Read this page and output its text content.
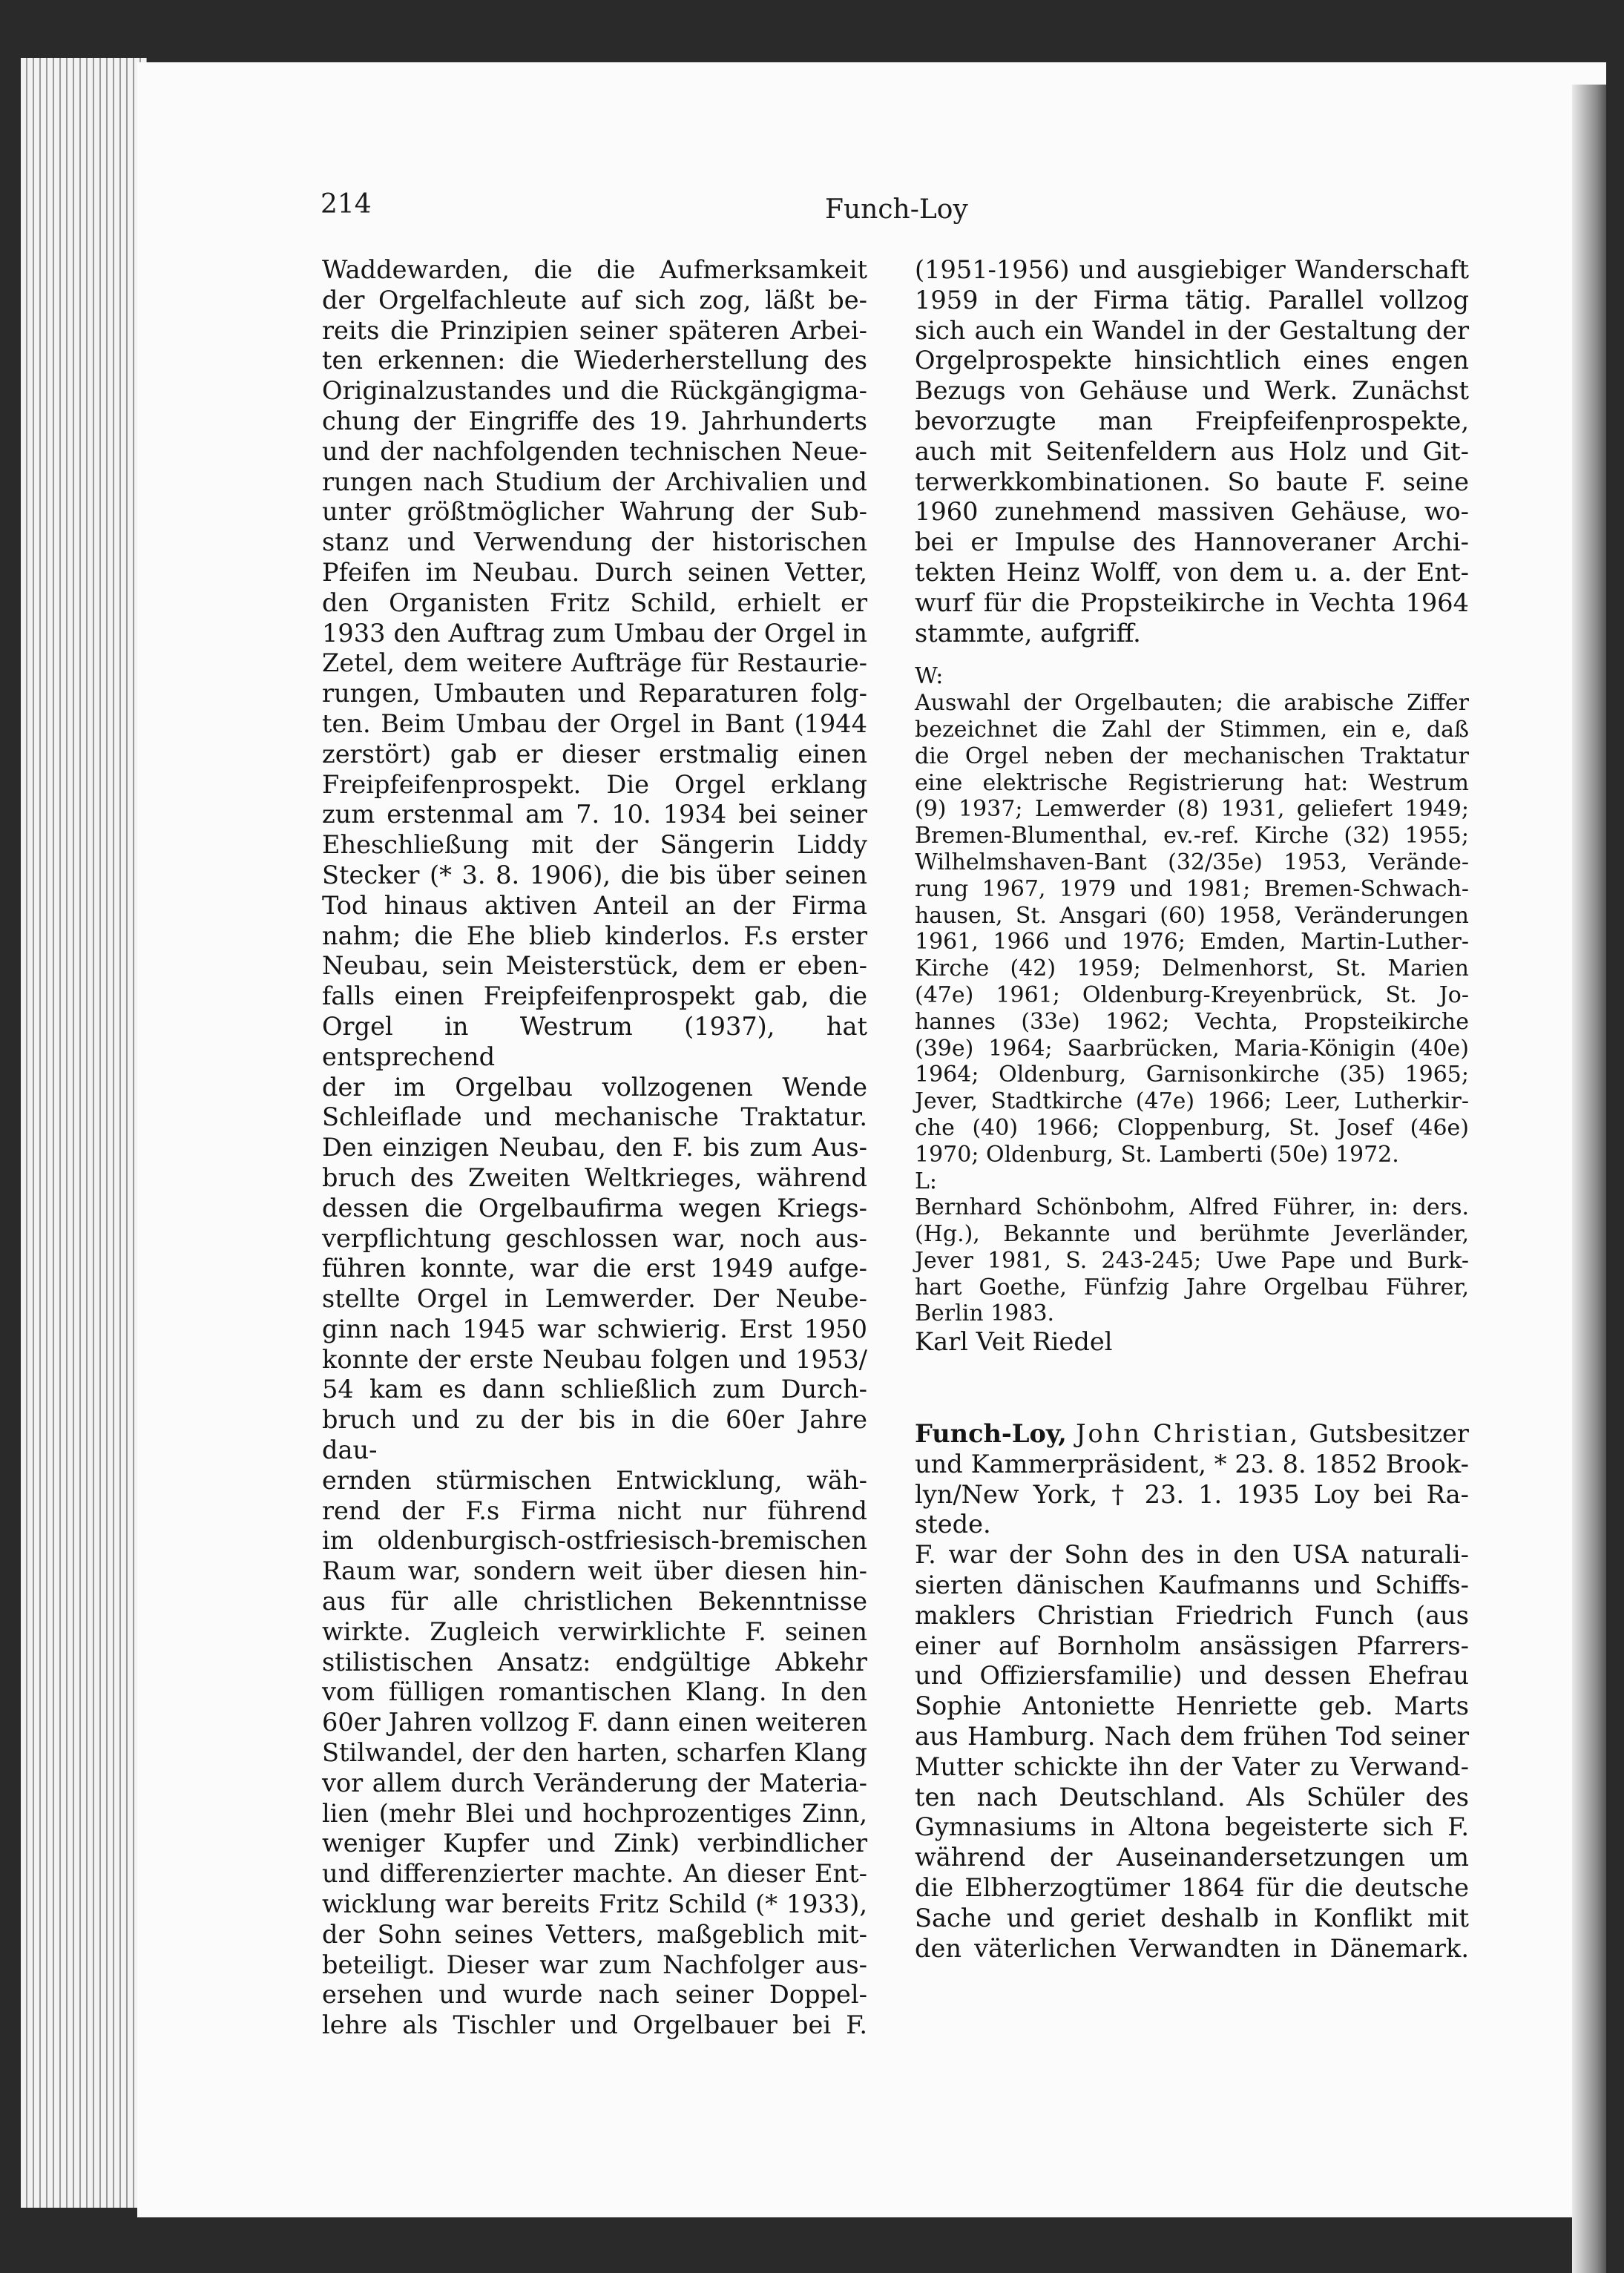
214	Funch-Loy

Waddewarden, die die Aufmerksamkeit

der Orgelfachleute auf sich zog, läßt be-

reits die Prinzipien seiner späteren Arbei-

ten erkennen: die Wiederherstellung des

Originalzustandes und die Rückgängigma-

chung der Eingriffe des 19. Jahrhunderts

und der nachfolgenden technischen Neue-

rungen nach Studium der Archivalien und

unter größtmöglicher Wahrung der Sub-

stanz und Verwendung der historischen

Pfeifen im Neubau. Durch seinen Vetter,

den Organisten Fritz Schild, erhielt er

1933 den Auftrag zum Umbau der Orgel in

Zetel, dem weitere Aufträge für Restaurie-

rungen, Umbauten und Reparaturen folg-

ten. Beim Umbau der Orgel in Bant (1944

zerstört) gab er dieser erstmalig einen

Freipfeifenprospekt. Die Orgel erklang

zum erstenmal am 7. 10. 1934 bei seiner

Eheschließung mit der Sängerin Liddy

Stecker (* 3. 8. 1906), die bis über seinen

Tod hinaus aktiven Anteil an der Firma

nahm; die Ehe blieb kinderlos. F.s erster

Neubau, sein Meisterstück, dem er eben-

falls einen Freipfeifenprospekt gab, die

Orgel in Westrum (1937), hat entsprechend

der im Orgelbau vollzogenen Wende

Schleiflade und mechanische Traktatur.

Den einzigen Neubau, den F. bis zum Aus-

bruch des Zweiten Weltkrieges, während

dessen die Orgelbaufirma wegen Kriegs-

verpflichtung geschlossen war, noch aus-

führen konnte, war die erst 1949 aufge-

stellte Orgel in Lemwerder. Der Neube-

ginn nach 1945 war schwierig. Erst 1950

konnte der erste Neubau folgen und 1953/

54 kam es dann schließlich zum Durch-

bruch und zu der bis in die 60er Jahre dau-

ernden stürmischen Entwicklung, wäh-

rend der F.s Firma nicht nur führend

im oldenburgisch-ostfriesisch-bremischen

Raum war, sondern weit über diesen hin-

aus für alle christlichen Bekenntnisse

wirkte. Zugleich verwirklichte F. seinen

stilistischen Ansatz: endgültige Abkehr

vom fülligen romantischen Klang. In den

60er Jahren vollzog F. dann einen weiteren

Stilwandel, der den harten, scharfen Klang

vor allem durch Veränderung der Materia-

lien (mehr Blei und hochprozentiges Zinn,

weniger Kupfer und Zink) verbindlicher

und differenzierter machte. An dieser Ent-

wicklung war bereits Fritz Schild (* 1933),

der Sohn seines Vetters, maßgeblich mit-

beteiligt. Dieser war zum Nachfolger aus-

ersehen und wurde nach seiner Doppel-

lehre als Tischler und Orgelbauer bei F.

(1951-1956) und ausgiebiger Wanderschaft

1959 in der Firma tätig. Parallel vollzog

sich auch ein Wandel in der Gestaltung der

Orgelprospekte hinsichtlich eines engen

Bezugs von Gehäuse und Werk. Zunächst

bevorzugte man Freipfeifenprospekte,

auch mit Seitenfeldern aus Holz und Git-

terwerkkombinationen. So baute F. seine

1960 zunehmend massiven Gehäuse, wo-

bei er Impulse des Hannoveraner Archi-

tekten Heinz Wolff, von dem u. a. der Ent-

wurf für die Propsteikirche in Vechta 1964

stammte, aufgriff.

W:

Auswahl der Orgelbauten; die arabische Ziffer

bezeichnet die Zahl der Stimmen, ein e, daß

die Orgel neben der mechanischen Traktatur

eine elektrische Registrierung hat: Westrum

(9) 1937; Lemwerder (8) 1931, geliefert 1949;

Bremen-Blumenthal, ev.-ref. Kirche (32) 1955;

Wilhelmshaven-Bant (32/35e) 1953, Verände-

rung 1967, 1979 und 1981; Bremen-Schwach-

hausen, St. Ansgari (60) 1958, Veränderungen

1961, 1966 und 1976; Emden, Martin-Luther-

Kirche (42) 1959; Delmenhorst, St. Marien

(47e) 1961; Oldenburg-Kreyenbrück, St. Jo-

hannes (33e) 1962; Vechta, Propsteikirche

(39e) 1964; Saarbrücken, Maria-Königin (40e)

1964; Oldenburg, Garnisonkirche (35) 1965;

Jever, Stadtkirche (47e) 1966; Leer, Lutherkir-

che (40) 1966; Cloppenburg, St. Josef (46e)

1970; Oldenburg, St. Lamberti (50e) 1972.

L:

Bernhard Schönbohm, Alfred Führer, in: ders.

(Hg.), Bekannte und berühmte Jeverländer,

Jever 1981, S. 243-245; Uwe Pape und Burk-

hart Goethe, Fünfzig Jahre Orgelbau Führer,

Berlin 1983.

Karl Veit Riedel

Funch-Loy, John Christian, Gutsbesitzer

und Kammerpräsident, * 23. 8. 1852 Brook-

lyn/New York, † 23. 1. 1935 Loy bei Ra-

stede.

F. war der Sohn des in den USA naturali-

sierten dänischen Kaufmanns und Schiffs-

maklers Christian Friedrich Funch (aus

einer auf Bornholm ansässigen Pfarrers-

und Offiziersfamilie) und dessen Ehefrau

Sophie Antoniette Henriette geb. Marts

aus Hamburg. Nach dem frühen Tod seiner

Mutter schickte ihn der Vater zu Verwand-

ten nach Deutschland. Als Schüler des

Gymnasiums in Altona begeisterte sich F.

während der Auseinandersetzungen um

die Elbherzogtümer 1864 für die deutsche

Sache und geriet deshalb in Konflikt mit

den väterlichen Verwandten in Dänemark.
